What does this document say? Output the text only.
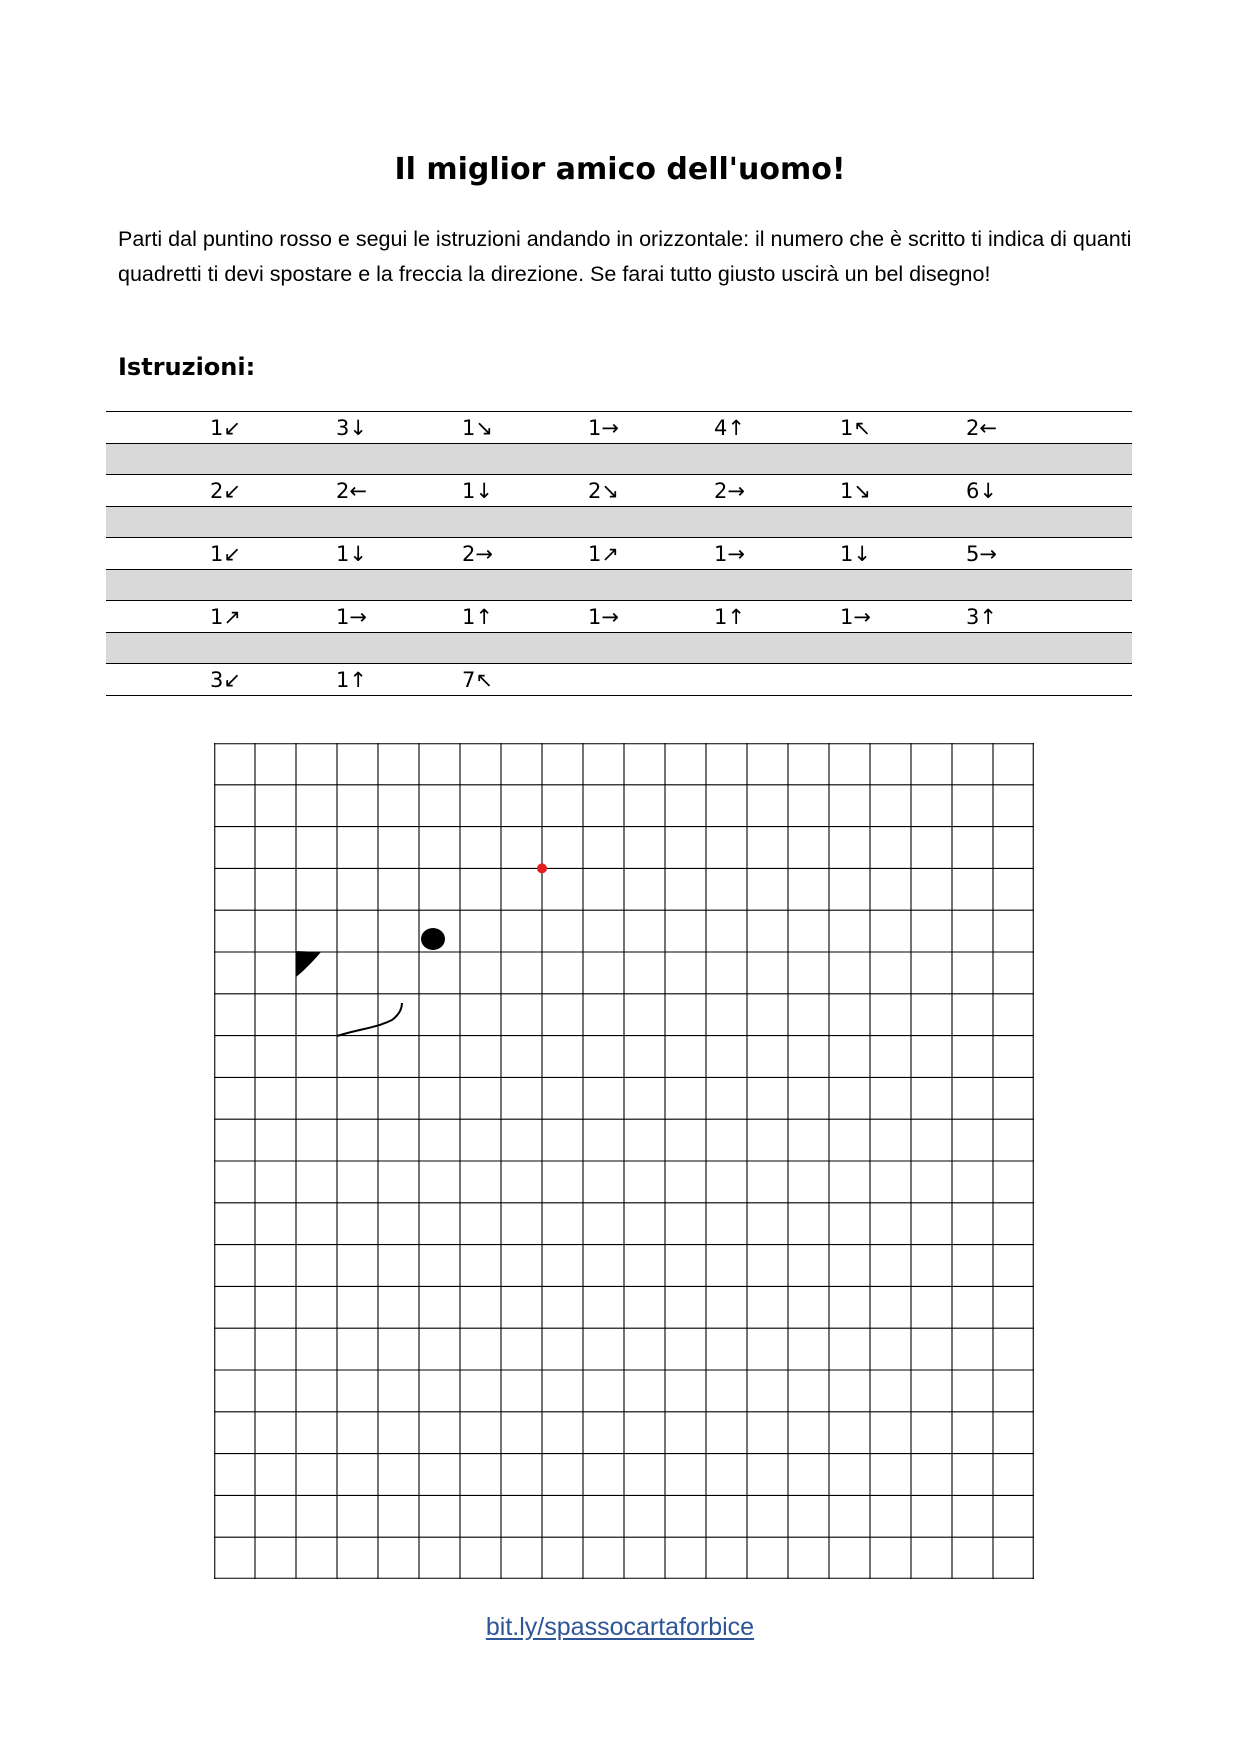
Il miglior amico dell'uomo!
Parti dal puntino rosso e segui le istruzioni andando in orizzontale: il numero che è scritto ti indica di quanti quadretti ti devi spostare e la freccia la direzione. Se farai tutto giusto uscirà un bel disegno!
Istruzioni:
1↙	3↓	1↘	1→	4↑	1↖	2←
2↙	2←	1↓	2↘	2→	1↘	6↓
1↙	1↓	2→	1↗	1→	1↓	5→
1↗	1→	1↑	1→	1↑	1→	3↑
3↙	1↑	7↖
bit.ly/spassocartaforbice
